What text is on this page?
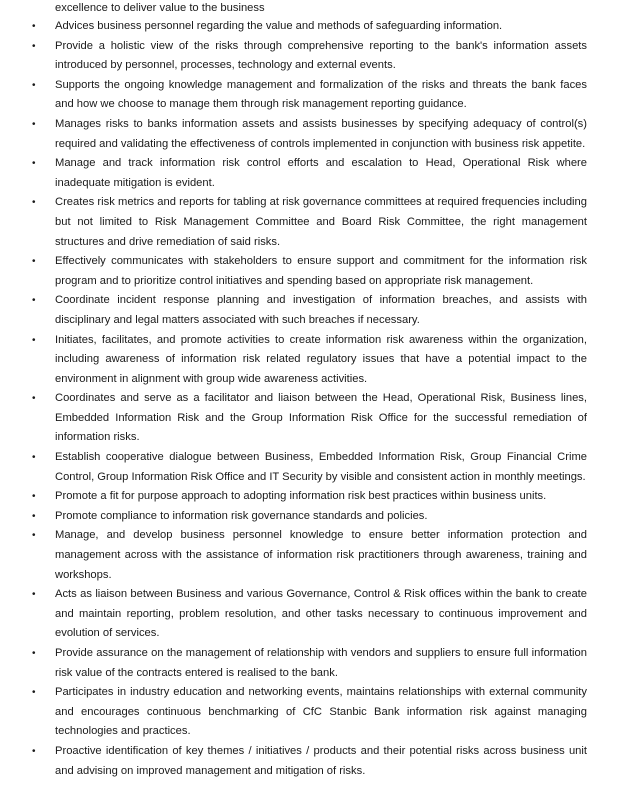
excellence to deliver value to the business
• Advices business personnel regarding the value and methods of safeguarding information.
• Provide a holistic view of the risks through comprehensive reporting to the bank's information assets introduced by personnel, processes, technology and external events.
• Supports the ongoing knowledge management and formalization of the risks and threats the bank faces and how we choose to manage them through risk management reporting guidance.
• Manages risks to banks information assets and assists businesses by specifying adequacy of control(s) required and validating the effectiveness of controls implemented in conjunction with business risk appetite.
• Manage and track information risk control efforts and escalation to Head, Operational Risk where inadequate mitigation is evident.
• Creates risk metrics and reports for tabling at risk governance committees at required frequencies including but not limited to Risk Management Committee and Board Risk Committee, the right management structures and drive remediation of said risks.
• Effectively communicates with stakeholders to ensure support and commitment for the information risk program and to prioritize control initiatives and spending based on appropriate risk management.
• Coordinate incident response planning and investigation of information breaches, and assists with disciplinary and legal matters associated with such breaches if necessary.
• Initiates, facilitates, and promote activities to create information risk awareness within the organization, including awareness of information risk related regulatory issues that have a potential impact to the environment in alignment with group wide awareness activities.
• Coordinates and serve as a facilitator and liaison between the Head, Operational Risk, Business lines, Embedded Information Risk and the Group Information Risk Office for the successful remediation of information risks.
• Establish cooperative dialogue between Business, Embedded Information Risk, Group Financial Crime Control, Group Information Risk Office and IT Security by visible and consistent action in monthly meetings.
• Promote a fit for purpose approach to adopting information risk best practices within business units.
• Promote compliance to information risk governance standards and policies.
• Manage, and develop business personnel knowledge to ensure better information protection and management across with the assistance of information risk practitioners through awareness, training and workshops.
• Acts as liaison between Business and various Governance, Control & Risk offices within the bank to create and maintain reporting, problem resolution, and other tasks necessary to continuous improvement and evolution of services.
• Provide assurance on the management of relationship with vendors and suppliers to ensure full information risk value of the contracts entered is realised to the bank.
• Participates in industry education and networking events, maintains relationships with external community and encourages continuous benchmarking of CfC Stanbic Bank information risk against managing technologies and practices.
• Proactive identification of key themes / initiatives / products and their potential risks across business unit and advising on improved management and mitigation of risks.
